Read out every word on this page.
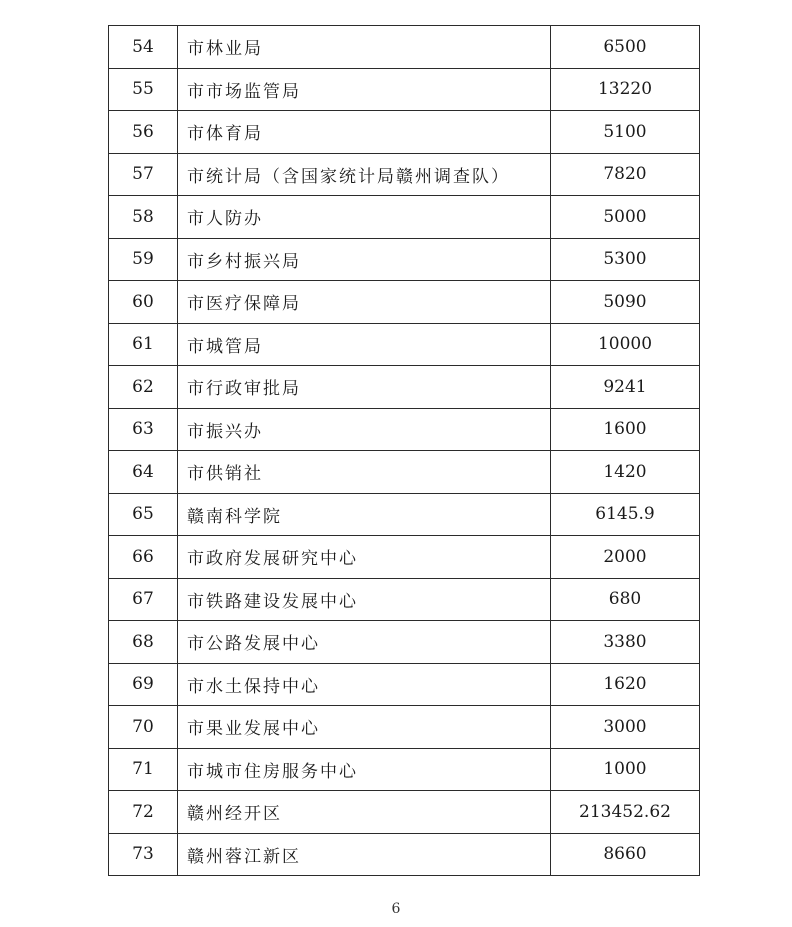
54	市林业局	6500
55	市市场监管局	13220
56	市体育局	5100
57	市统计局（含国家统计局赣州调查队）	7820
58	市人防办	5000
59	市乡村振兴局	5300
60	市医疗保障局	5090
61	市城管局	10000
62	市行政审批局	9241
63	市振兴办	1600
64	市供销社	1420
65	赣南科学院	6145.9
66	市政府发展研究中心	2000
67	市铁路建设发展中心	680
68	市公路发展中心	3380
69	市水土保持中心	1620
70	市果业发展中心	3000
71	市城市住房服务中心	1000
72	赣州经开区	213452.62
73	赣州蓉江新区	8660
6
